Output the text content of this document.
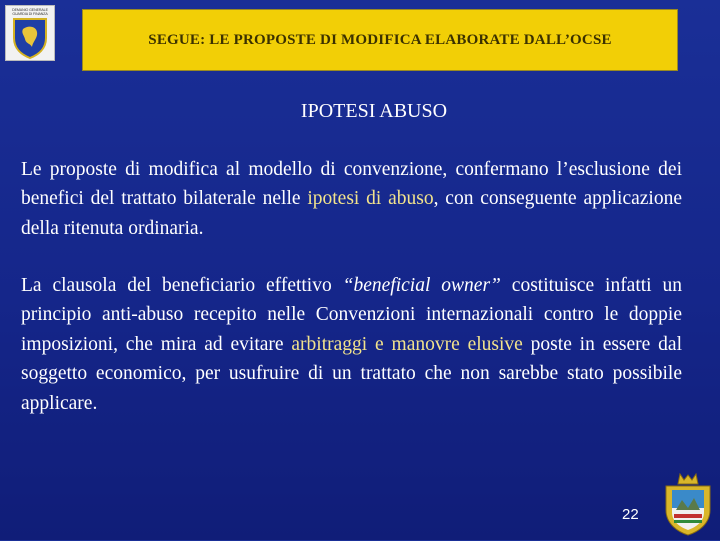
DEMANIO GENERALE GUARDIA DI FINANZA
SEGUE: LE PROPOSTE DI MODIFICA ELABORATE DALL’OCSE
IPOTESI ABUSO

Le proposte di modifica al modello di convenzione, confermano l’esclusione dei benefici del trattato bilaterale nelle ipotesi di abuso, con conseguente applicazione della ritenuta ordinaria.

La clausola del beneficiario effettivo “beneficial owner” costituisce infatti un principio anti-abuso recepito nelle Convenzioni internazionali contro le doppie imposizioni, che mira ad evitare arbitraggi e manovre elusive poste in essere dal soggetto economico, per usufruire di un trattato che non sarebbe stato possibile applicare.

22
